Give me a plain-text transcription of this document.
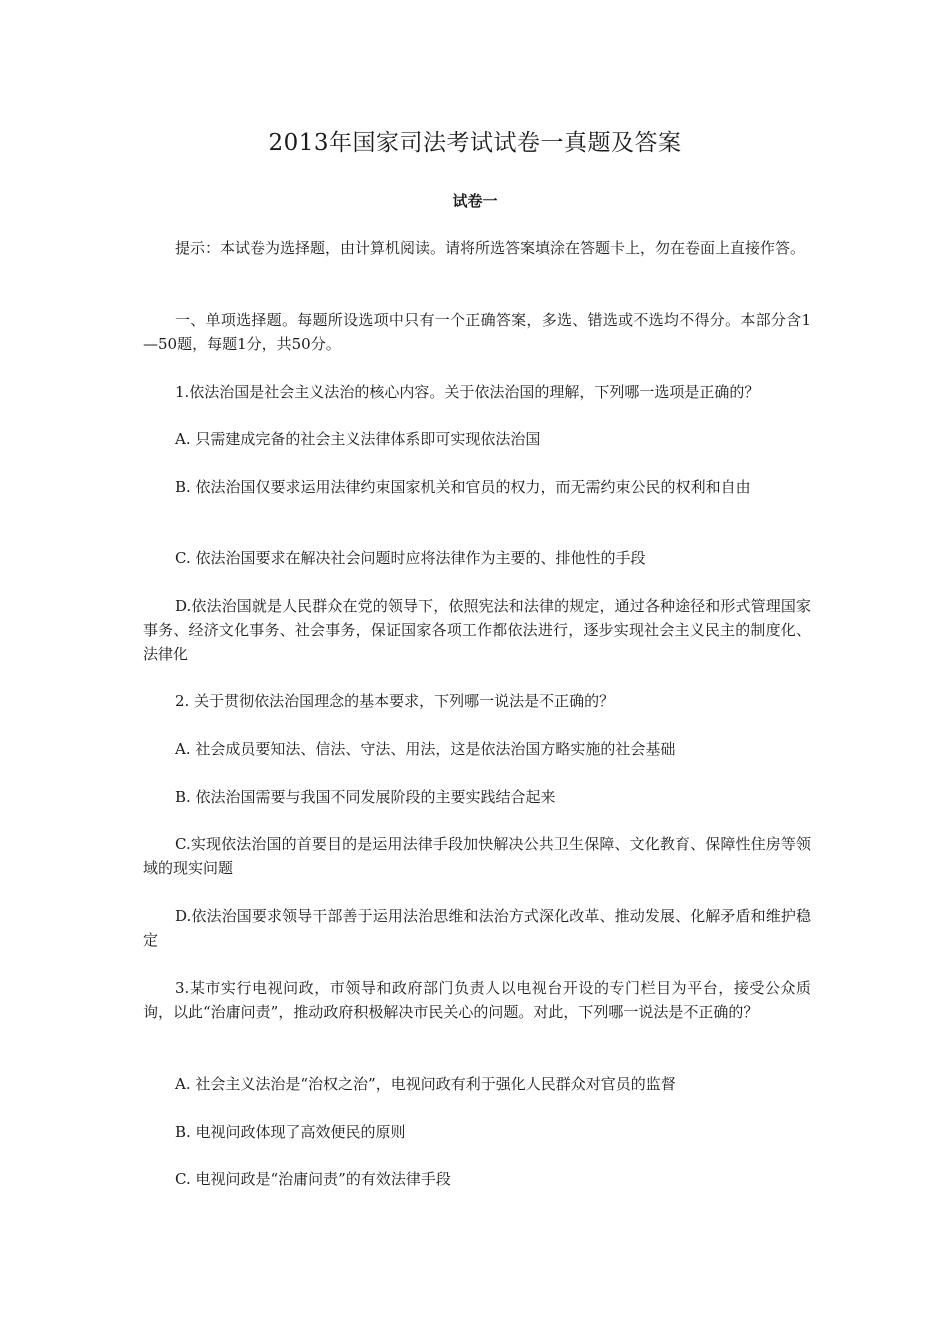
2013年国家司法考试试卷一真题及答案
试卷一

提示：本试卷为选择题，由计算机阅读。请将所选答案填涂在答题卡上，勿在卷面上直接作答。

一、单项选择题。每题所设选项中只有一个正确答案，多选、错选或不选均不得分。本部分含1—50题，每题1分，共50分。

1.依法治国是社会主义法治的核心内容。关于依法治国的理解，下列哪一选项是正确的？

A. 只需建成完备的社会主义法律体系即可实现依法治国

B. 依法治国仅要求运用法律约束国家机关和官员的权力，而无需约束公民的权利和自由

C. 依法治国要求在解决社会问题时应将法律作为主要的、排他性的手段

D.依法治国就是人民群众在党的领导下，依照宪法和法律的规定，通过各种途径和形式管理国家事务、经济文化事务、社会事务，保证国家各项工作都依法进行，逐步实现社会主义民主的制度化、法律化

2. 关于贯彻依法治国理念的基本要求，下列哪一说法是不正确的？

A. 社会成员要知法、信法、守法、用法，这是依法治国方略实施的社会基础

B. 依法治国需要与我国不同发展阶段的主要实践结合起来

C.实现依法治国的首要目的是运用法律手段加快解决公共卫生保障、文化教育、保障性住房等领域的现实问题

D.依法治国要求领导干部善于运用法治思维和法治方式深化改革、推动发展、化解矛盾和维护稳定

3.某市实行电视问政，市领导和政府部门负责人以电视台开设的专门栏目为平台，接受公众质询，以此“治庸问责”，推动政府积极解决市民关心的问题。对此，下列哪一说法是不正确的？

A. 社会主义法治是“治权之治”，电视问政有利于强化人民群众对官员的监督

B. 电视问政体现了高效便民的原则

C. 电视问政是“治庸问责”的有效法律手段
